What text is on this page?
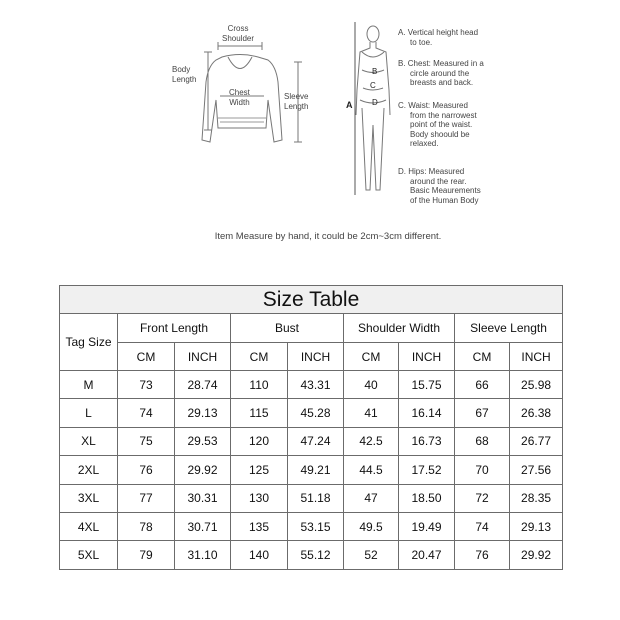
Cross
Shoulder
Body
Length
Chest
Width
Sleeve
Length	A
B
C
D

A. Vertical height head

to toe.

B. Chest: Measured in a

circle around the

breasts and back.

C. Waist: Measured

from the narrowest

point of the waist.

Body shoould be

relaxed.

D. Hips: Measured

around the rear.

Basic Meaurements

of the Human Body

Item Measure by hand, it could be 2cm~3cm different.
Size Table								
Tag Size	Front Length		Bust		Shoulder Width		Sleeve Length	
	CM	INCH	CM	INCH	CM	INCH	CM	INCH
M	73	28.74	110	43.31	40	15.75	66	25.98
L	74	29.13	115	45.28	41	16.14	67	26.38
XL	75	29.53	120	47.24	42.5	16.73	68	26.77
2XL	76	29.92	125	49.21	44.5	17.52	70	27.56
3XL	77	30.31	130	51.18	47	18.50	72	28.35
4XL	78	30.71	135	53.15	49.5	19.49	74	29.13
5XL	79	31.10	140	55.12	52	20.47	76	29.92
